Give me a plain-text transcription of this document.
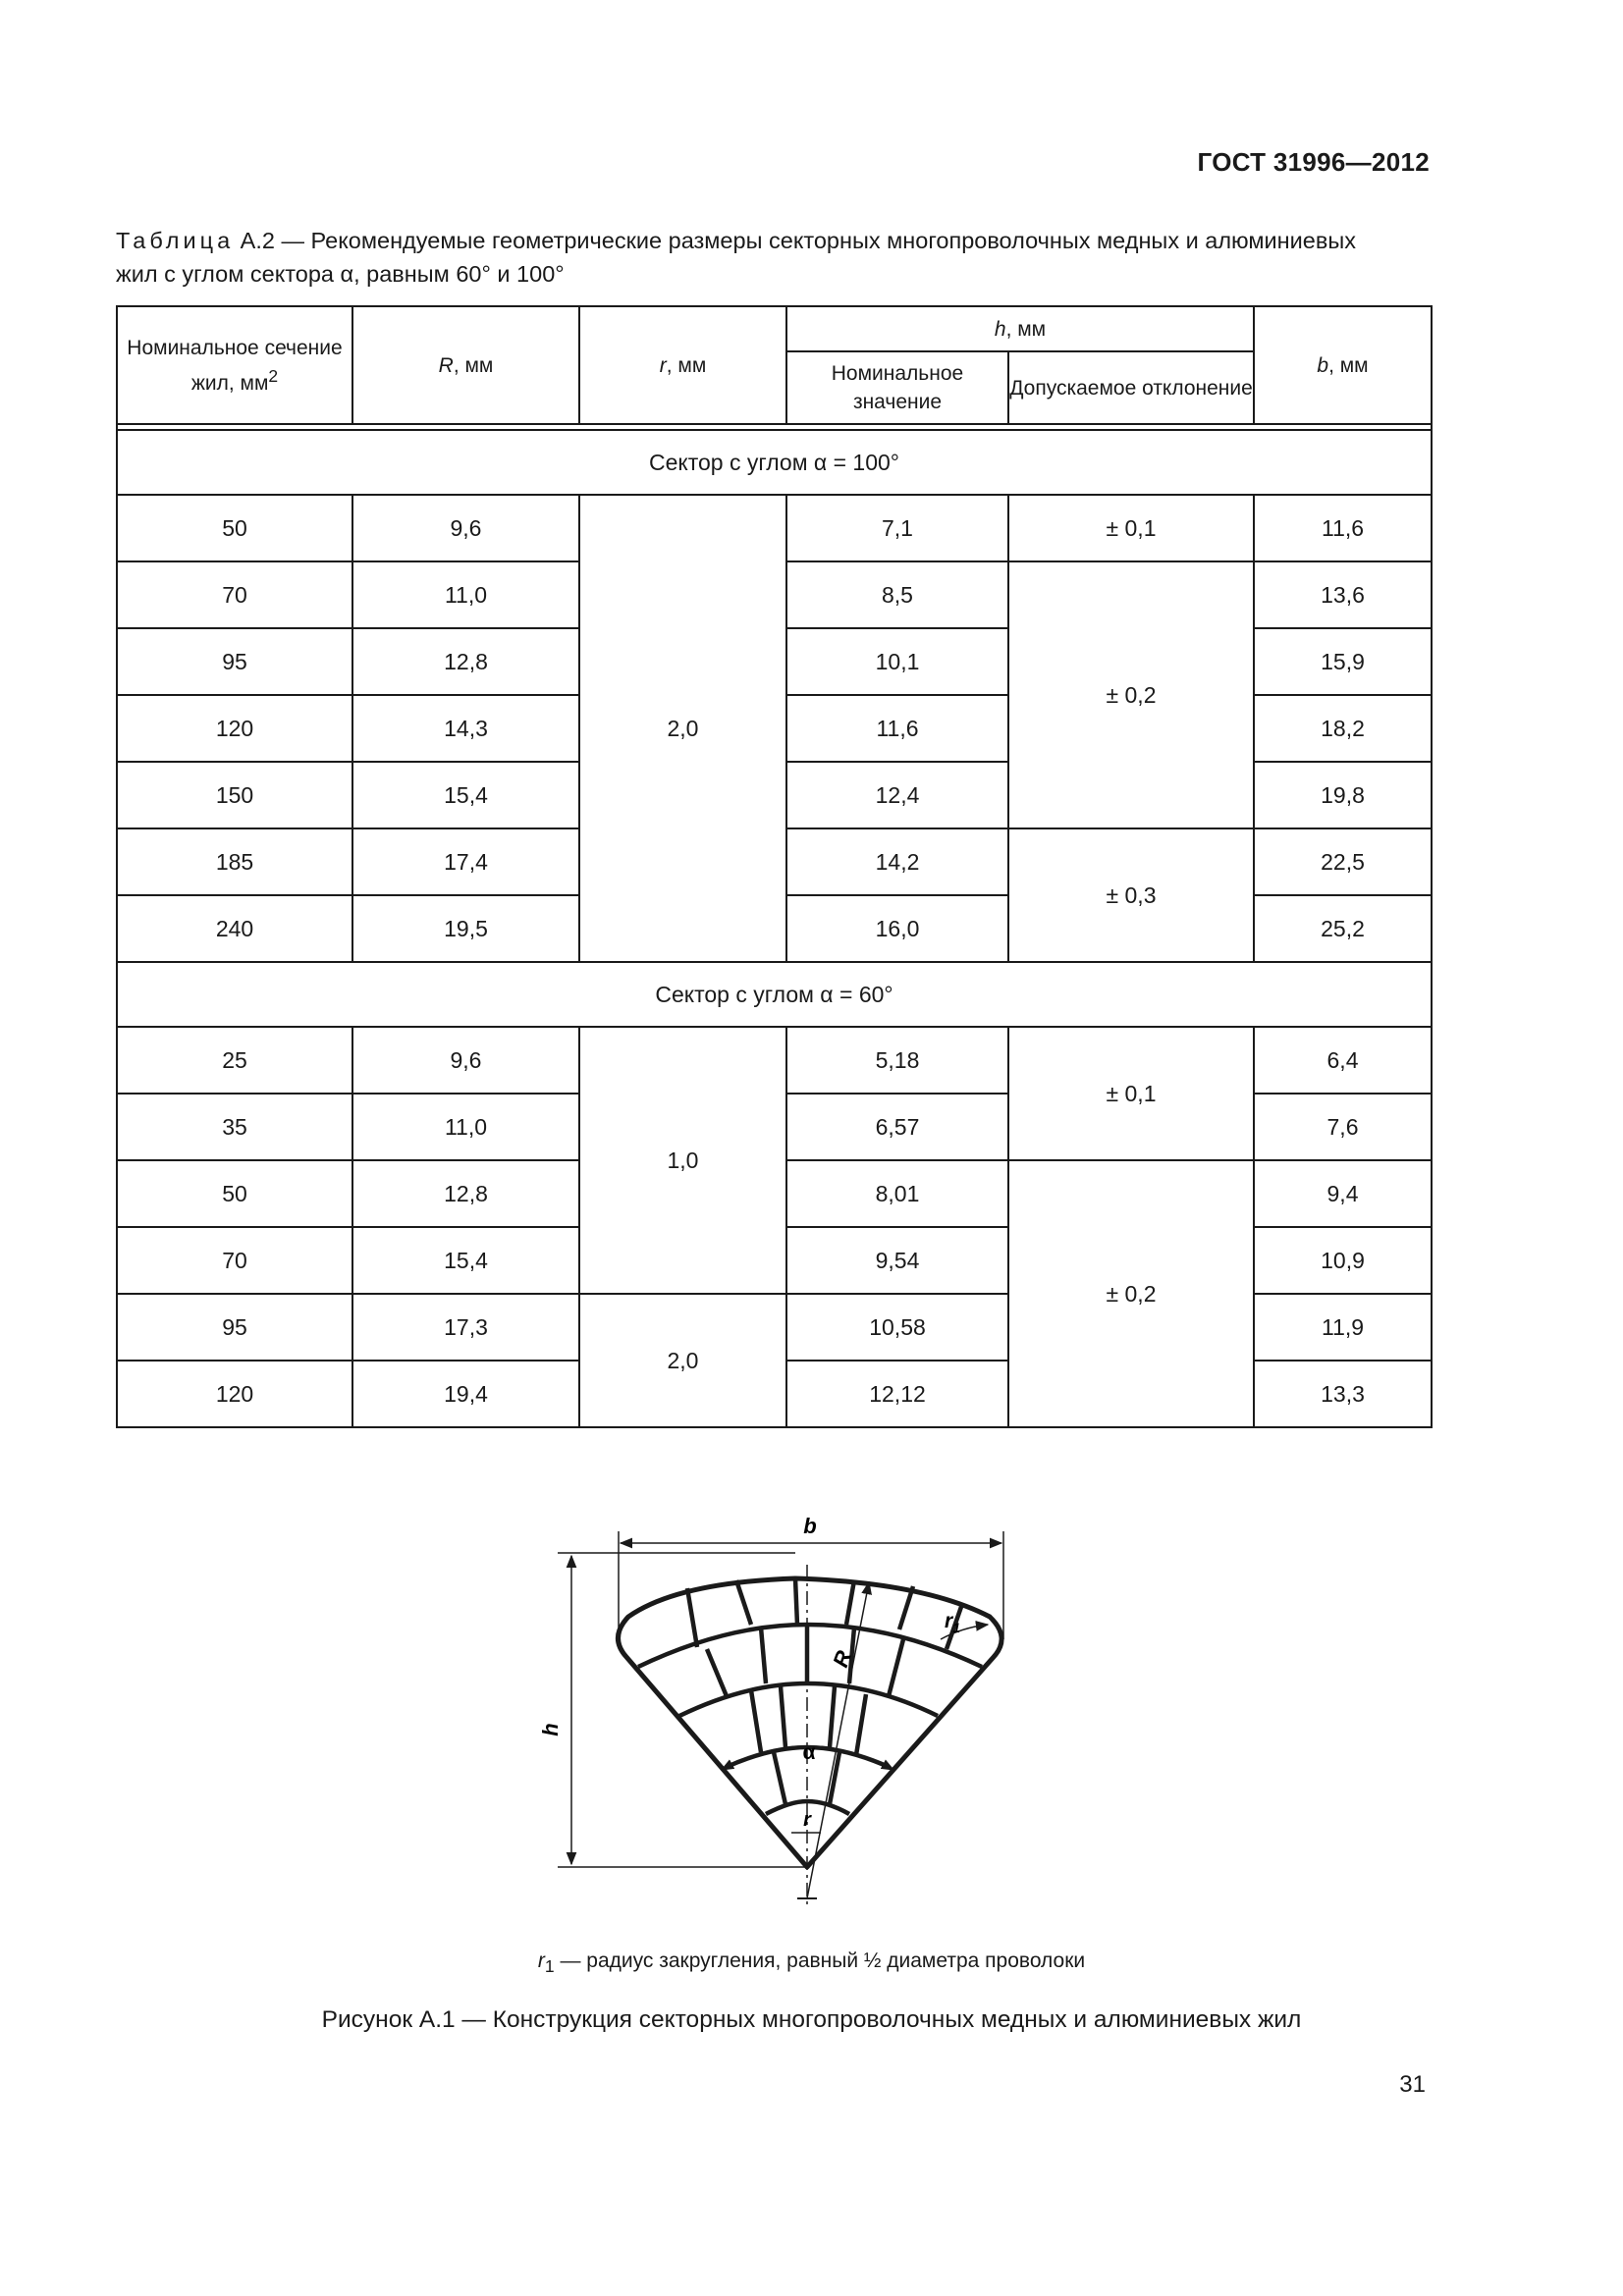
ГОСТ 31996—2012
Таблица А.2 — Рекомендуемые геометрические размеры секторных многопроволочных медных и алюминиевых
жил с углом сектора α, равным 60° и 100°
Номинальное сечение жил, $мм^2$	R, мм	r, мм	h, мм		b, мм
			Номинальное значение	Допускаемое отклонение	

Сектор с углом α = 100°					
50	9,6	2,0	7,1	± 0,1	11,6
70	11,0		8,5	± 0,2	13,6
95	12,8		10,1		15,9
120	14,3		11,6		18,2
150	15,4		12,4		19,8
185	17,4		14,2	± 0,3	22,5
240	19,5		16,0		25,2
Сектор с углом α = 60°					
25	9,6	1,0	5,18	± 0,1	6,4
35	11,0		6,57		7,6
50	12,8		8,01	± 0,2	9,4
70	15,4		9,54		10,9
95	17,3	2,0	10,58		11,9
120	19,4		12,12		13,3
b
h
R
$r_1$
α
r
$r_1$ — радиус закругления, равный ½ диаметра проволоки
Рисунок А.1 — Конструкция секторных многопроволочных медных и алюминиевых жил
31
